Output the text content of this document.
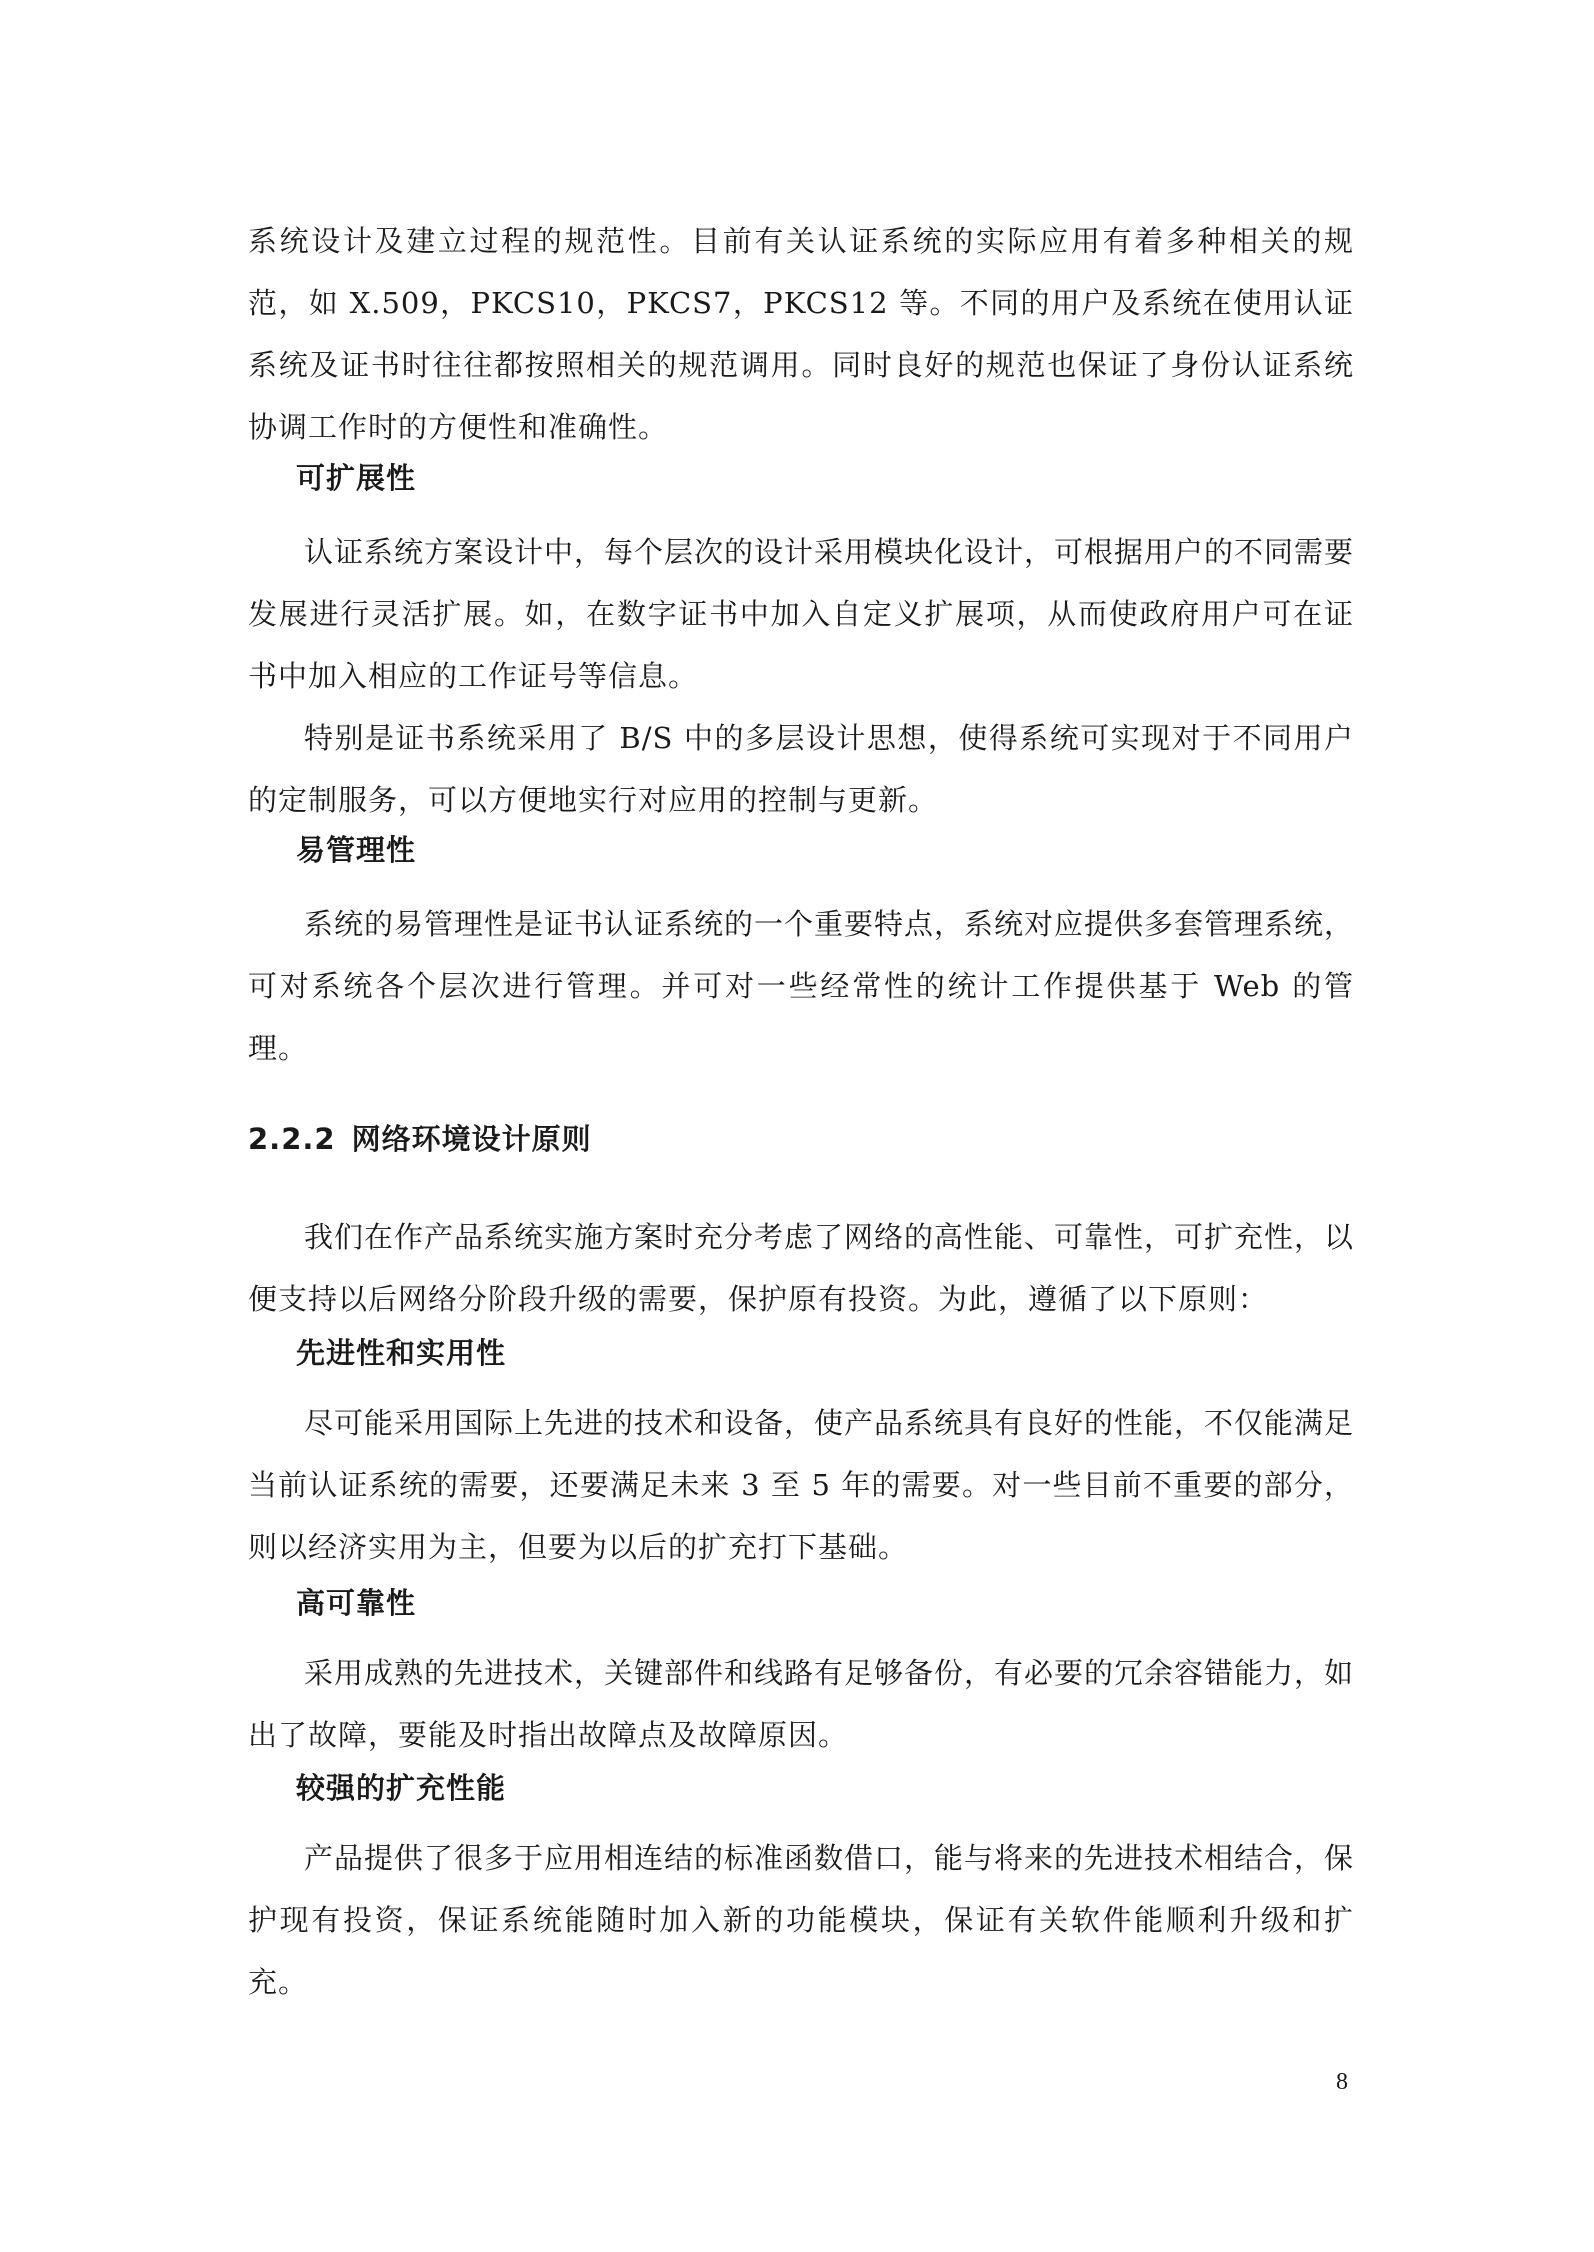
系统设计及建立过程的规范性。目前有关认证系统的实际应用有着多种相关的规范，如 X.509，PKCS10，PKCS7，PKCS12 等。不同的用户及系统在使用认证系统及证书时往往都按照相关的规范调用。同时良好的规范也保证了身份认证系统协调工作时的方便性和准确性。

可扩展性

认证系统方案设计中，每个层次的设计采用模块化设计，可根据用户的不同需要发展进行灵活扩展。如，在数字证书中加入自定义扩展项，从而使政府用户可在证书中加入相应的工作证号等信息。

特别是证书系统采用了 B/S 中的多层设计思想，使得系统可实现对于不同用户的定制服务，可以方便地实行对应用的控制与更新。

易管理性

系统的易管理性是证书认证系统的一个重要特点，系统对应提供多套管理系统，可对系统各个层次进行管理。并可对一些经常性的统计工作提供基于 Web 的管理。

2.2.2 网络环境设计原则

我们在作产品系统实施方案时充分考虑了网络的高性能、可靠性，可扩充性，以便支持以后网络分阶段升级的需要，保护原有投资。为此，遵循了以下原则：

先进性和实用性

尽可能采用国际上先进的技术和设备，使产品系统具有良好的性能，不仅能满足当前认证系统的需要，还要满足未来 3 至 5 年的需要。对一些目前不重要的部分，则以经济实用为主，但要为以后的扩充打下基础。

高可靠性

采用成熟的先进技术，关键部件和线路有足够备份，有必要的冗余容错能力，如出了故障，要能及时指出故障点及故障原因。

较强的扩充性能

产品提供了很多于应用相连结的标准函数借口，能与将来的先进技术相结合，保护现有投资，保证系统能随时加入新的功能模块，保证有关软件能顺利升级和扩充。

8
